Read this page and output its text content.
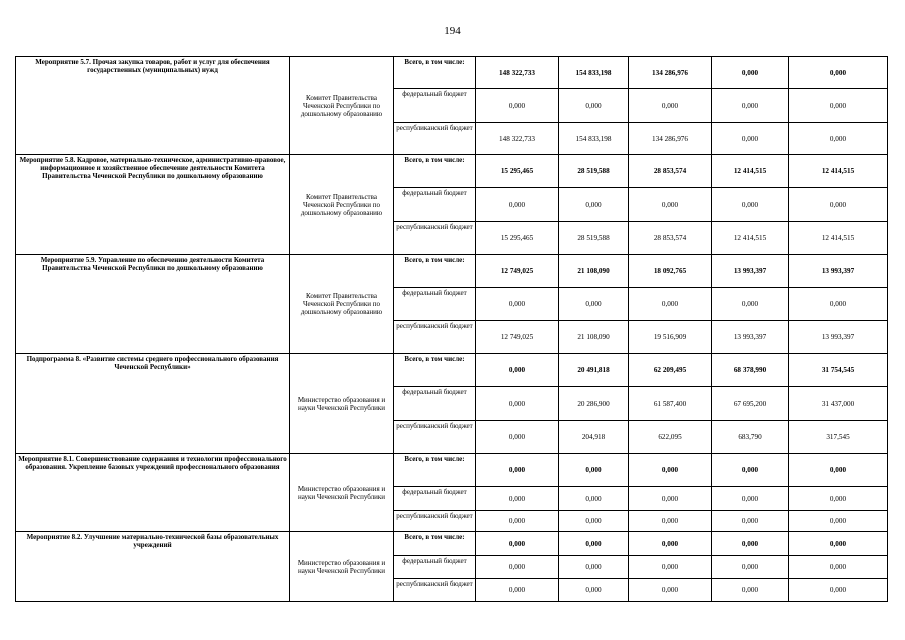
194
Мероприятие 5.7. Прочая закупка товаров, работ и услуг для обеспечения государственных (муниципальных) нужд	Комитет Правительства Чеченской Республики по дошкольному образованию	Всего, в том числе:	148 322,733	154 833,198	134 286,976	0,000	0,000
		федеральный бюджет	0,000	0,000	0,000	0,000	0,000
		республиканский бюджет	148 322,733	154 833,198	134 286,976	0,000	0,000
Мероприятие 5.8. Кадровое, материально-техническое, административно-правовое, информационное и хозяйственное обеспечение деятельности Комитета Правительства Чеченской Республики по дошкольному образованию	Комитет Правительства Чеченской Республики по дошкольному образованию	Всего, в том числе:	15 295,465	28 519,588	28 853,574	12 414,515	12 414,515
		федеральный бюджет	0,000	0,000	0,000	0,000	0,000
		республиканский бюджет	15 295,465	28 519,588	28 853,574	12 414,515	12 414,515
Мероприятие 5.9. Управление по обеспечению деятельности Комитета Правительства Чеченской Республики по дошкольному образованию	Комитет Правительства Чеченской Республики по дошкольному образованию	Всего, в том числе:	12 749,025	21 108,090	18 092,765	13 993,397	13 993,397
		федеральный бюджет	0,000	0,000	0,000	0,000	0,000
		республиканский бюджет	12 749,025	21 108,090	19 516,909	13 993,397	13 993,397
Подпрограмма 8. «Развитие системы среднего профессионального образования Чеченской Республики»	Министерство образования и науки Чеченской Республики	Всего, в том числе:	0,000	20 491,818	62 209,495	68 378,990	31 754,545
		федеральный бюджет	0,000	20 286,900	61 587,400	67 695,200	31 437,000
		республиканский бюджет	0,000	204,918	622,095	683,790	317,545
Мероприятие 8.1. Совершенствование содержания и технологии профессионального образования. Укрепление базовых учреждений профессионального образования	Министерство образования и науки Чеченской Республики	Всего, в том числе:	0,000	0,000	0,000	0,000	0,000
		федеральный бюджет	0,000	0,000	0,000	0,000	0,000
		республиканский бюджет	0,000	0,000	0,000	0,000	0,000
Мероприятие 8.2. Улучшение материально-технической базы образовательных учреждений	Министерство образования и науки Чеченской Республики	Всего, в том числе:	0,000	0,000	0,000	0,000	0,000
		федеральный бюджет	0,000	0,000	0,000	0,000	0,000
		республиканский бюджет	0,000	0,000	0,000	0,000	0,000
